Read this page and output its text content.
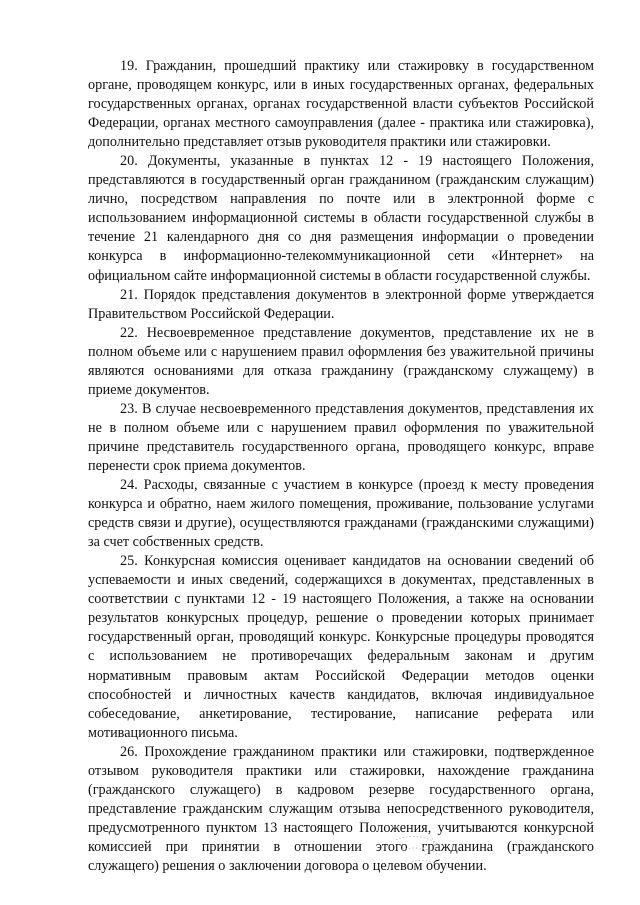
19. Гражданин, прошедший практику или стажировку в государственном органе, проводящем конкурс, или в иных государственных органах, федеральных государственных органах, органах государственной власти субъектов Российской Федерации, органах местного самоуправления (далее - практика или стажировка), дополнительно представляет отзыв руководителя практики или стажировки.

20. Документы, указанные в пунктах 12 - 19 настоящего Положения, представляются в государственный орган гражданином (гражданским служащим) лично, посредством направления по почте или в электронной форме с использованием информационной системы в области государственной службы в течение 21 календарного дня со дня размещения информации о проведении конкурса в информационно-телекоммуникационной сети «Интернет» на официальном сайте информационной системы в области государственной службы.

21. Порядок представления документов в электронной форме утверждается Правительством Российской Федерации.

22. Несвоевременное представление документов, представление их не в полном объеме или с нарушением правил оформления без уважительной причины являются основаниями для отказа гражданину (гражданскому служащему) в приеме документов.

23. В случае несвоевременного представления документов, представления их не в полном объеме или с нарушением правил оформления по уважительной причине представитель государственного органа, проводящего конкурс, вправе перенести срок приема документов.

24. Расходы, связанные с участием в конкурсе (проезд к месту проведения конкурса и обратно, наем жилого помещения, проживание, пользование услугами средств связи и другие), осуществляются гражданами (гражданскими служащими) за счет собственных средств.

25. Конкурсная комиссия оценивает кандидатов на основании сведений об успеваемости и иных сведений, содержащихся в документах, представленных в соответствии с пунктами 12 - 19 настоящего Положения, а также на основании результатов конкурсных процедур, решение о проведении которых принимает государственный орган, проводящий конкурс. Конкурсные процедуры проводятся с использованием не противоречащих федеральным законам и другим нормативным правовым актам Российской Федерации методов оценки способностей и личностных качеств кандидатов, включая индивидуальное собеседование, анкетирование, тестирование, написание реферата или мотивационного письма.

26. Прохождение гражданином практики или стажировки, подтвержденное отзывом руководителя практики или стажировки, нахождение гражданина (гражданского служащего) в кадровом резерве государственного органа, представление гражданским служащим отзыва непосредственного руководителя, предусмотренного пунктом 13 настоящего Положения, учитываются конкурсной комиссией при принятии в отношении этого гражданина (гражданского служащего) решения о заключении договора о целевом обучении.
